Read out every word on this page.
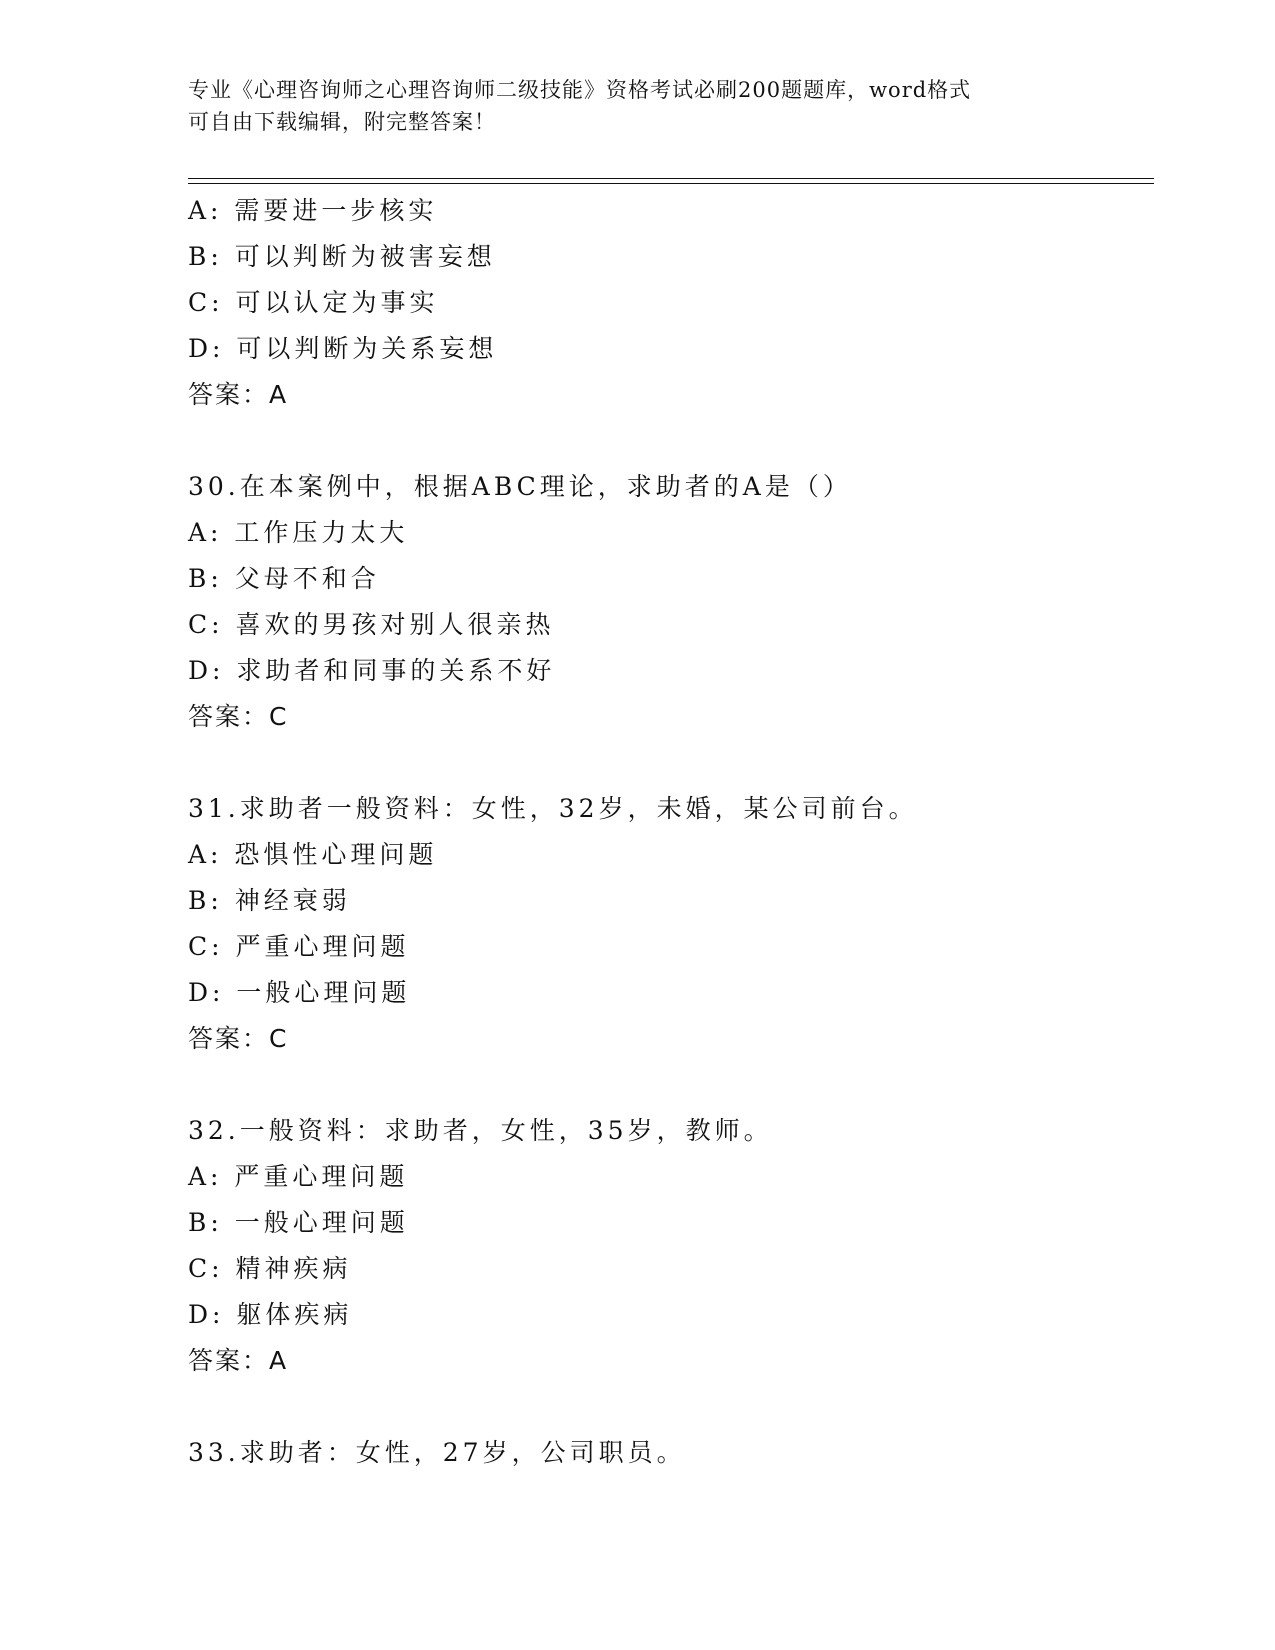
专业《心理咨询师之心理咨询师二级技能》资格考试必刷200题题库，word格式
可自由下载编辑，附完整答案！
A: 需要进一步核实
B: 可以判断为被害妄想
C: 可以认定为事实
D: 可以判断为关系妄想
答案：A
30.在本案例中，根据ABC理论，求助者的A是（）
A: 工作压力太大
B: 父母不和合
C: 喜欢的男孩对别人很亲热
D: 求助者和同事的关系不好
答案：C
31.求助者一般资料：女性，32岁，未婚，某公司前台。
A: 恐惧性心理问题
B: 神经衰弱
C: 严重心理问题
D: 一般心理问题
答案：C
32.一般资料：求助者，女性，35岁，教师。
A: 严重心理问题
B: 一般心理问题
C: 精神疾病
D: 躯体疾病
答案：A
33.求助者：女性，27岁，公司职员。
